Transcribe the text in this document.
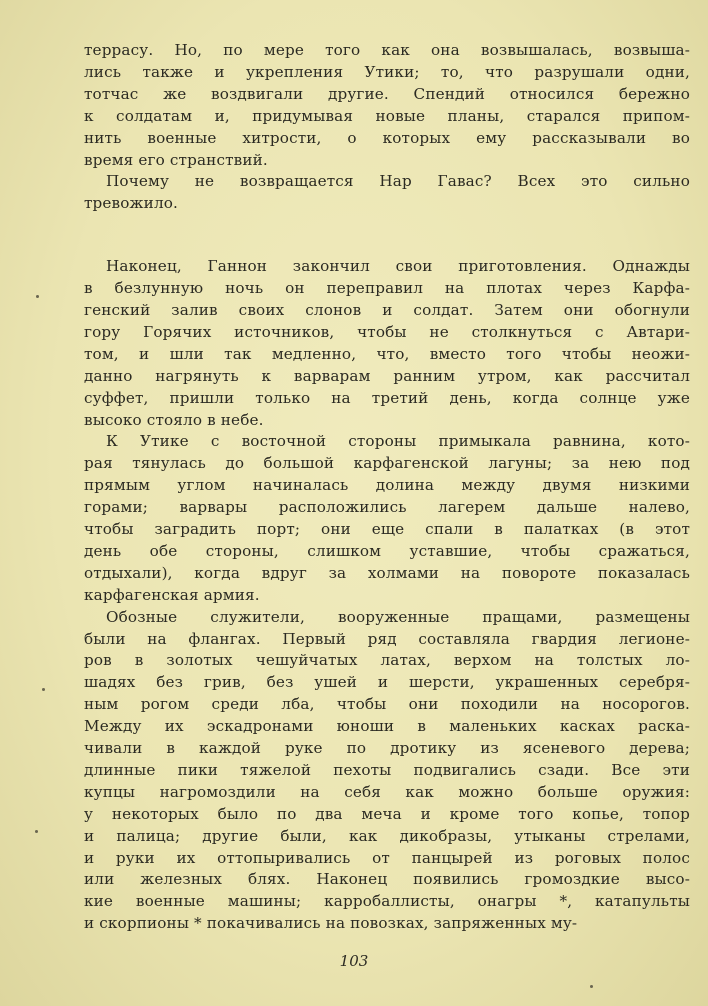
террасу. Но, по мере того как она возвышалась, возвыша-
лись также и укрепления Утики; то, что разрушали одни,
тотчас же воздвигали другие. Спендий относился бережно
к солдатам и, придумывая новые планы, старался припом-
нить военные хитрости, о которых ему рассказывали во
время его странствий.
Почему не возвращается Нар Гавас? Всех это сильно
тревожило.
Наконец, Ганнон закончил свои приготовления. Однажды
в безлунную ночь он переправил на плотах через Карфа-
генский залив своих слонов и солдат. Затем они обогнули
гору Горячих источников, чтобы не столкнуться с Автари-
том, и шли так медленно, что, вместо того чтобы неожи-
данно нагрянуть к варварам ранним утром, как рассчитал
суффет, пришли только на третий день, когда солнце уже
высоко стояло в небе.
К Утике с восточной стороны примыкала равнина, кото-
рая тянулась до большой карфагенской лагуны; за нею под
прямым углом начиналась долина между двумя низкими
горами; варвары расположились лагерем дальше налево,
чтобы заградить порт; они еще спали в палатках (в этот
день обе стороны, слишком уставшие, чтобы сражаться,
отдыхали), когда вдруг за холмами на повороте показалась
карфагенская армия.
Обозные служители, вооруженные пращами, размещены
были на флангах. Первый ряд составляла гвардия легионе-
ров в золотых чешуйчатых латах, верхом на толстых ло-
шадях без грив, без ушей и шерсти, украшенных серебря-
ным рогом среди лба, чтобы они походили на носорогов.
Между их эскадронами юноши в маленьких касках раска-
чивали в каждой руке по дротику из ясеневого дерева;
длинные пики тяжелой пехоты подвигались сзади. Все эти
купцы нагромоздили на себя как можно больше оружия:
у некоторых было по два меча и кроме того копье, топор
и палица; другие были, как дикобразы, утыканы стрелами,
и руки их оттопыривались от панцырей из роговых полос
или железных блях. Наконец появились громоздкие высо-
кие военные машины; карробаллисты, онагры *, катапульты
и скорпионы * покачивались на повозках, запряженных му-
103
